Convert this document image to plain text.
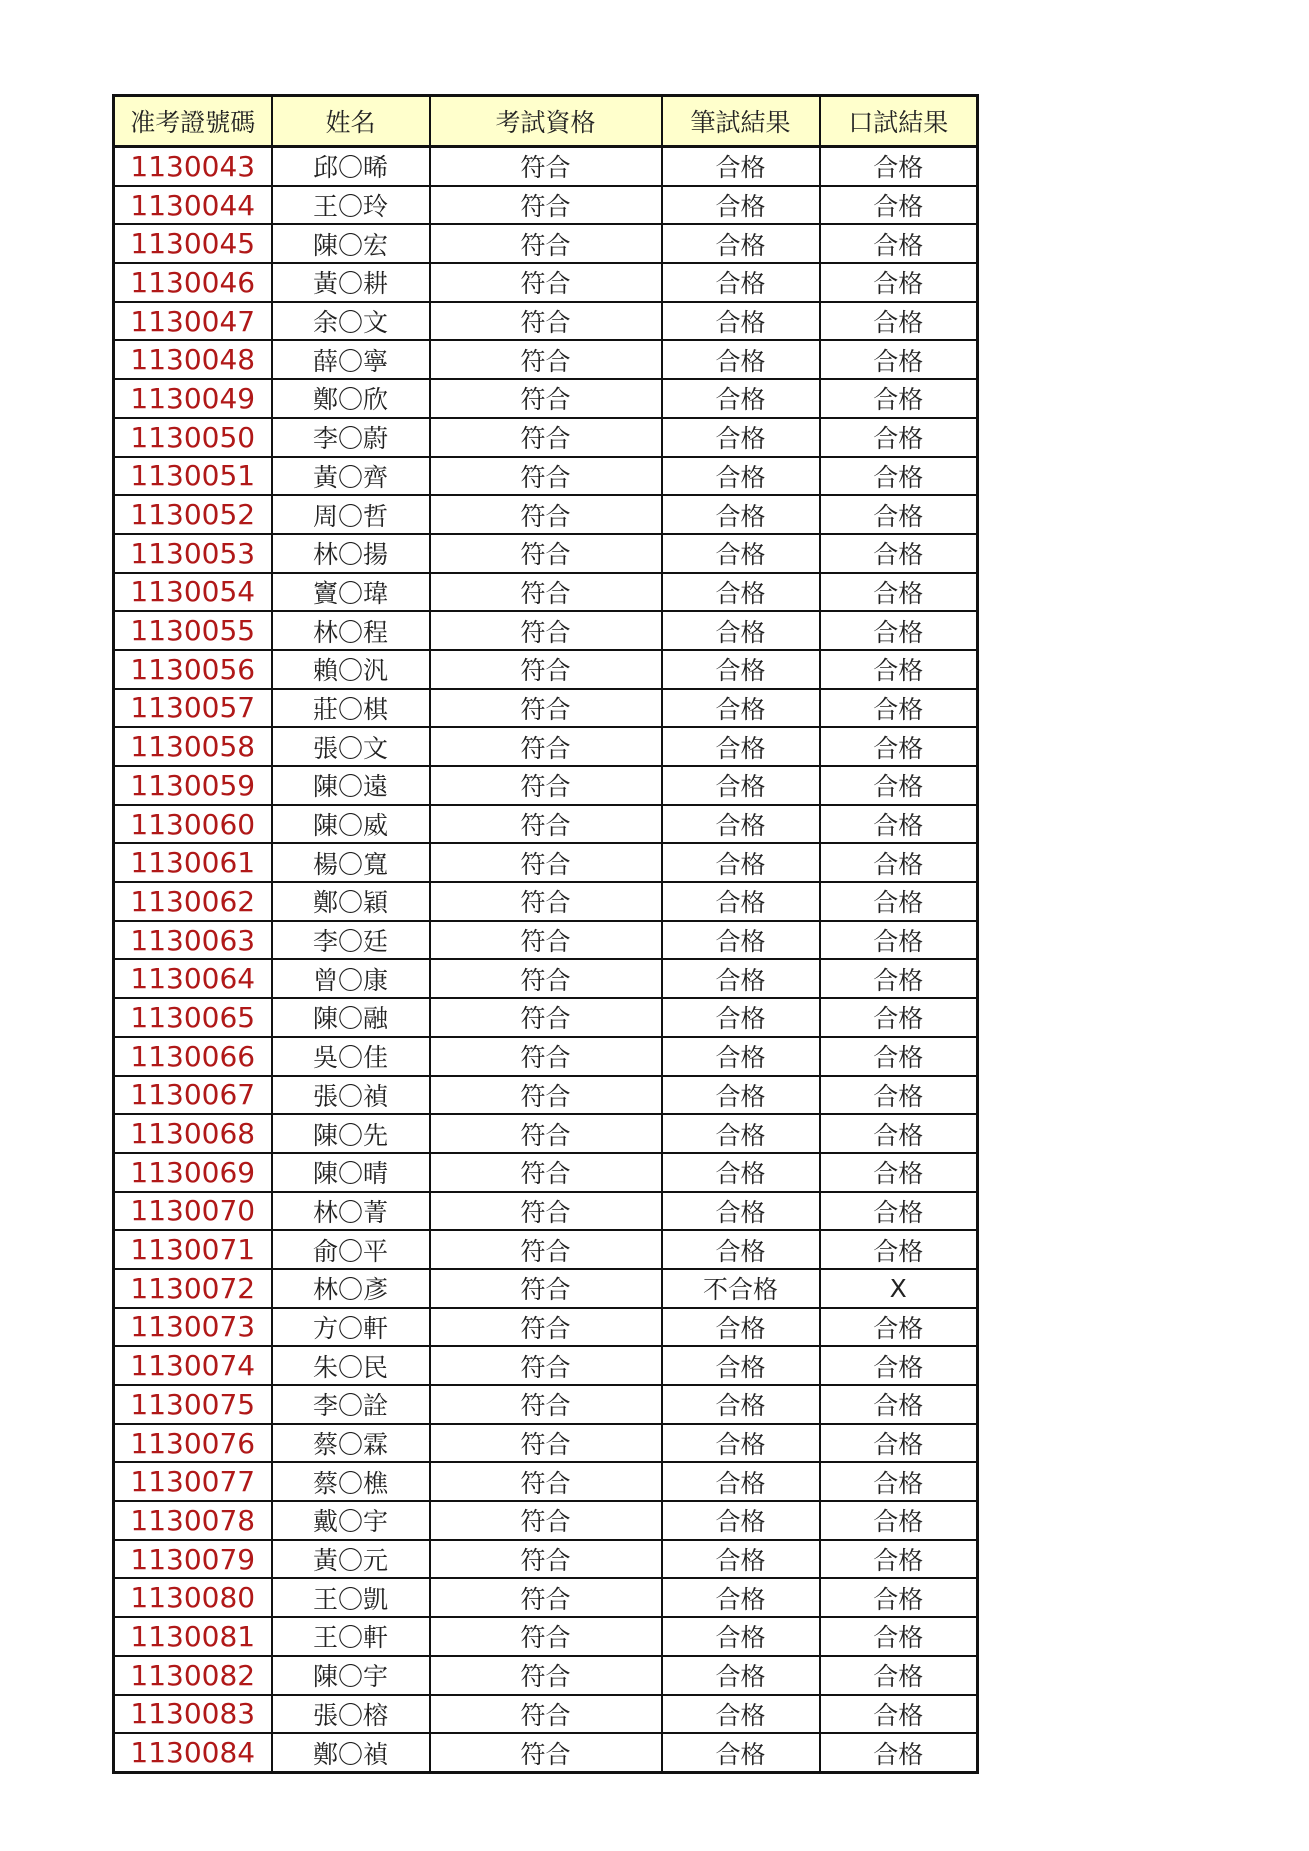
准考證號碼	姓名	考試資格	筆試結果	口試結果
1130043	邱〇晞	符合	合格	合格
1130044	王〇玲	符合	合格	合格
1130045	陳〇宏	符合	合格	合格
1130046	黃〇耕	符合	合格	合格
1130047	余〇文	符合	合格	合格
1130048	薛〇寧	符合	合格	合格
1130049	鄭〇欣	符合	合格	合格
1130050	李〇蔚	符合	合格	合格
1130051	黃〇齊	符合	合格	合格
1130052	周〇哲	符合	合格	合格
1130053	林〇揚	符合	合格	合格
1130054	竇〇瑋	符合	合格	合格
1130055	林〇程	符合	合格	合格
1130056	賴〇汎	符合	合格	合格
1130057	莊〇棋	符合	合格	合格
1130058	張〇文	符合	合格	合格
1130059	陳〇遠	符合	合格	合格
1130060	陳〇威	符合	合格	合格
1130061	楊〇寬	符合	合格	合格
1130062	鄭〇穎	符合	合格	合格
1130063	李〇廷	符合	合格	合格
1130064	曾〇康	符合	合格	合格
1130065	陳〇融	符合	合格	合格
1130066	吳〇佳	符合	合格	合格
1130067	張〇禎	符合	合格	合格
1130068	陳〇先	符合	合格	合格
1130069	陳〇晴	符合	合格	合格
1130070	林〇菁	符合	合格	合格
1130071	俞〇平	符合	合格	合格
1130072	林〇彥	符合	不合格	X
1130073	方〇軒	符合	合格	合格
1130074	朱〇民	符合	合格	合格
1130075	李〇詮	符合	合格	合格
1130076	蔡〇霖	符合	合格	合格
1130077	蔡〇樵	符合	合格	合格
1130078	戴〇宇	符合	合格	合格
1130079	黃〇元	符合	合格	合格
1130080	王〇凱	符合	合格	合格
1130081	王〇軒	符合	合格	合格
1130082	陳〇宇	符合	合格	合格
1130083	張〇榕	符合	合格	合格
1130084	鄭〇禎	符合	合格	合格
